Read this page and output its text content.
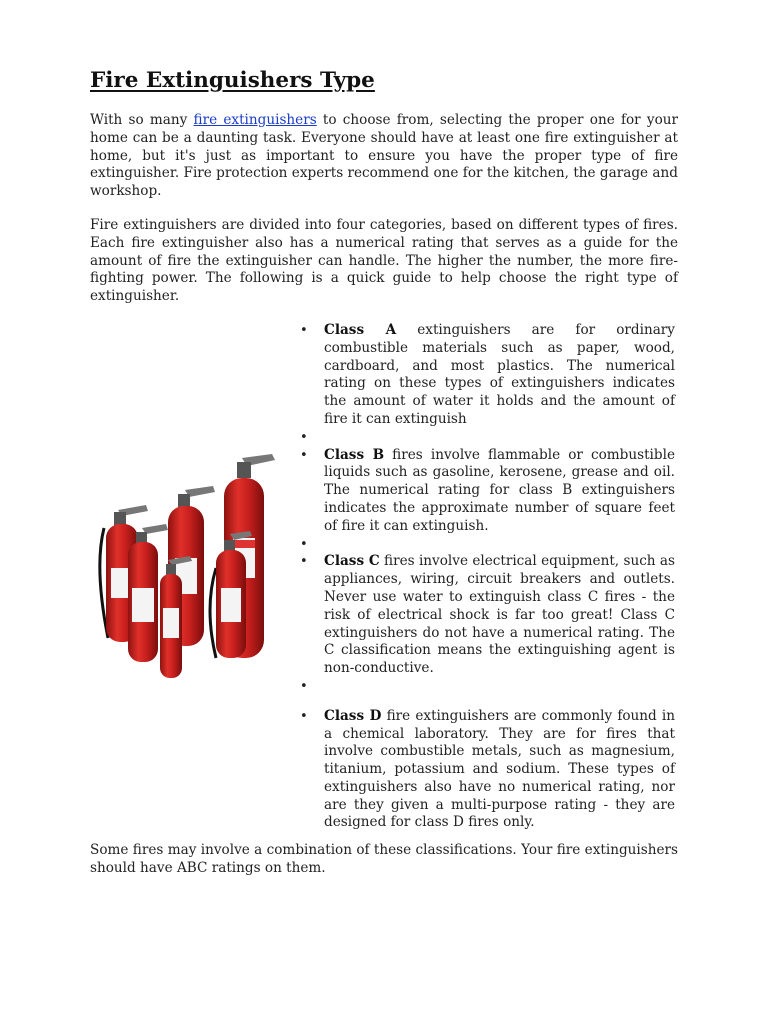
Fire Extinguishers Type

With so many fire extinguishers to choose from, selecting the proper one for your home can be a daunting task. Everyone should have at least one fire extinguisher at home, but it's just as important to ensure you have the proper type of fire extinguisher. Fire protection experts recommend one for the kitchen, the garage and workshop.

Fire extinguishers are divided into four categories, based on different types of fires. Each fire extinguisher also has a numerical rating that serves as a guide for the amount of fire the extinguisher can handle. The higher the number, the more fire-fighting power. The following is a quick guide to help choose the right type of extinguisher.

• Class A extinguishers are for ordinary combustible materials such as paper, wood, cardboard, and most plastics. The numerical rating on these types of extinguishers indicates the amount of water it holds and the amount of fire it can extinguish
•
• Class B fires involve flammable or combustible liquids such as gasoline, kerosene, grease and oil. The numerical rating for class B extinguishers indicates the approximate number of square feet of fire it can extinguish.
•
• Class C fires involve electrical equipment, such as appliances, wiring, circuit breakers and outlets. Never use water to extinguish class C fires - the risk of electrical shock is far too great! Class C extinguishers do not have a numerical rating. The C classification means the extinguishing agent is non-conductive.
•
• Class D fire extinguishers are commonly found in a chemical laboratory. They are for fires that involve combustible metals, such as magnesium, titanium, potassium and sodium. These types of extinguishers also have no numerical rating, nor are they given a multi-purpose rating - they are designed for class D fires only.

Some fires may involve a combination of these classifications. Your fire extinguishers should have ABC ratings on them.
